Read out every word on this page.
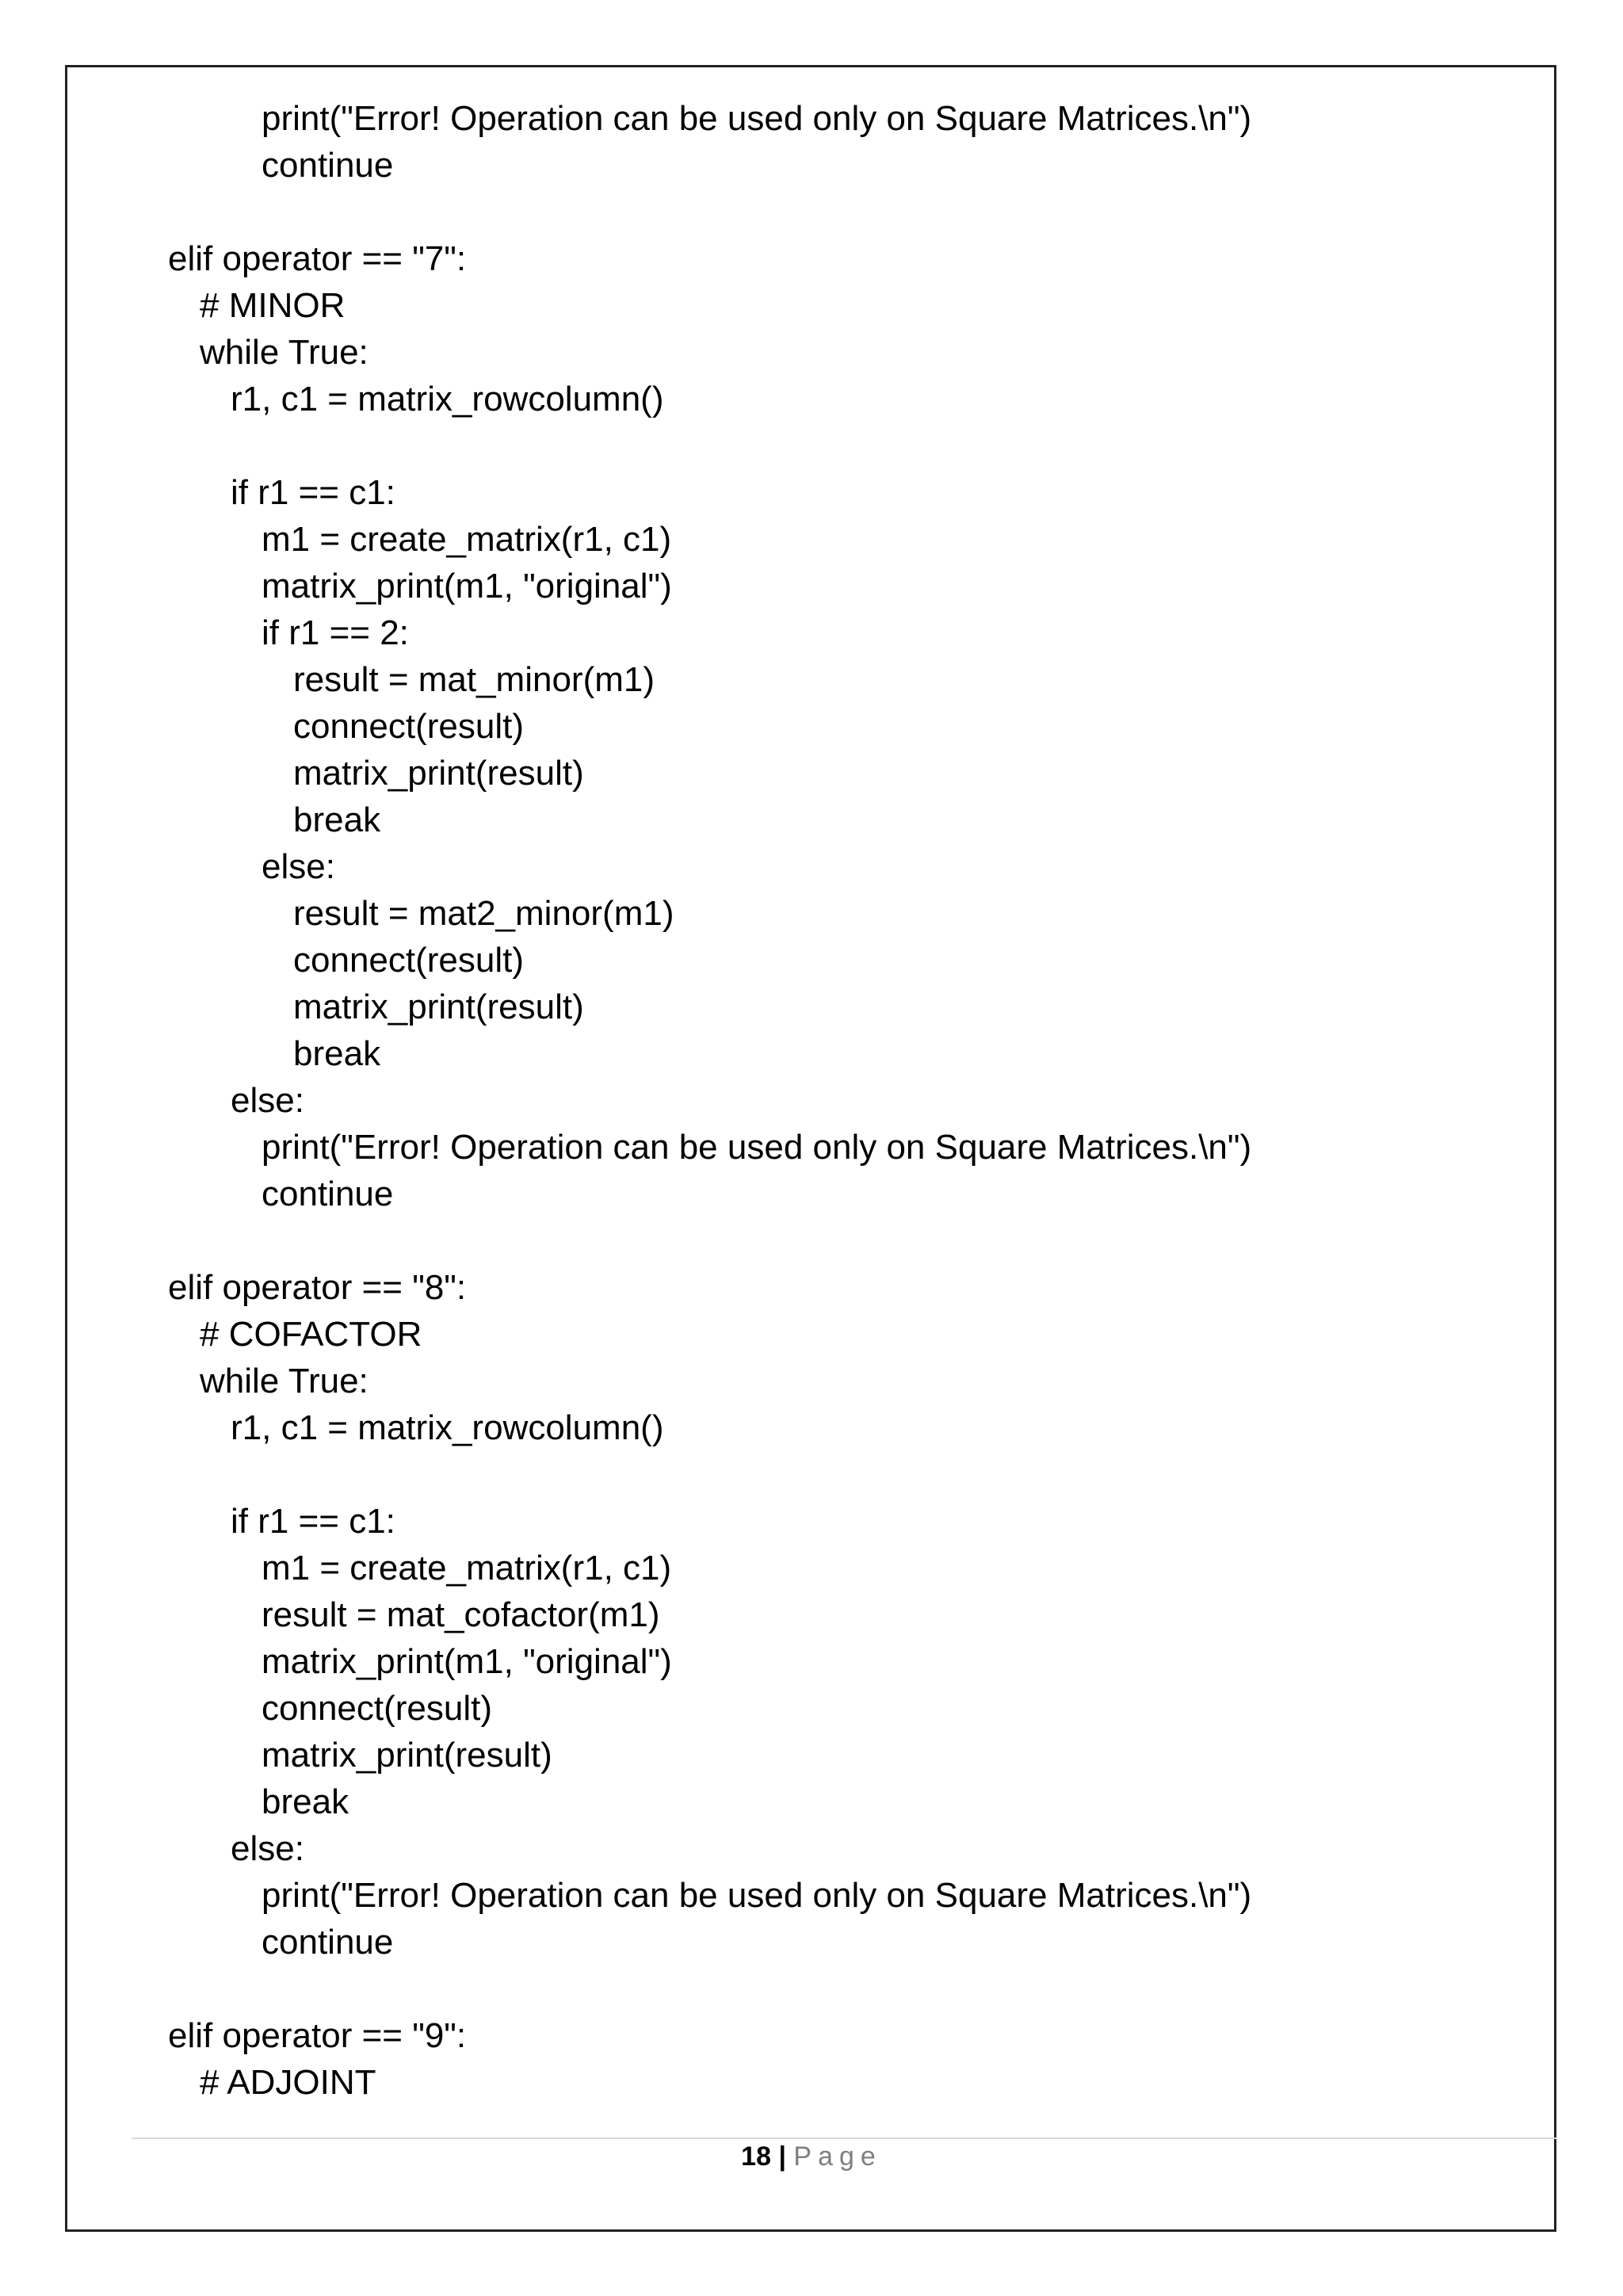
print("Error! Operation can be used only on Square Matrices.\n")
continue
elif operator == "7":
# MINOR
while True:
r1, c1 = matrix_rowcolumn()
if r1 == c1:
m1 = create_matrix(r1, c1)
matrix_print(m1, "original")
if r1 == 2:
result = mat_minor(m1)
connect(result)
matrix_print(result)
break
else:
result = mat2_minor(m1)
connect(result)
matrix_print(result)
break
else:
print("Error! Operation can be used only on Square Matrices.\n")
continue
elif operator == "8":
# COFACTOR
while True:
r1, c1 = matrix_rowcolumn()
if r1 == c1:
m1 = create_matrix(r1, c1)
result = mat_cofactor(m1)
matrix_print(m1, "original")
connect(result)
matrix_print(result)
break
else:
print("Error! Operation can be used only on Square Matrices.\n")
continue
elif operator == "9":
# ADJOINT
18 | Page
